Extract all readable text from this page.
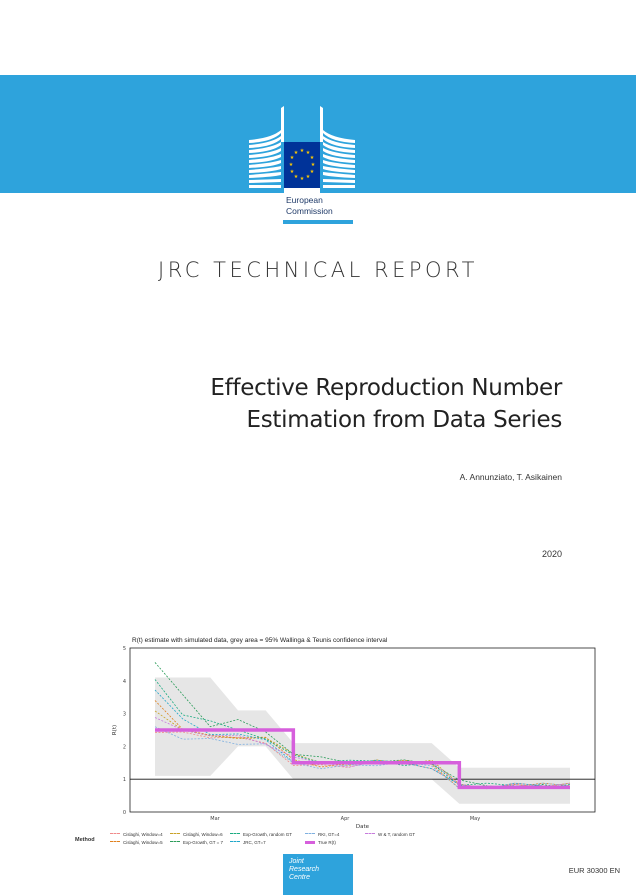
★ ★
★
★
★
★
★
★
★
★
★
★
European
Commission
JRC TECHNICAL REPORT
Effective Reproduction Number
Estimation from Data Series
A. Annunziato, T. Asikainen
2020
0
1
2
3
4
5
Mar	Apr	May
Date
R(t)
R(t) estimate with simulated data, grey area = 95% Wallinga & Teunis confidence interval
Method
Cislaghi, Window=4
Cislaghi, Window=5
Cislaghi, Window=6
Exp-Growth, GT = 7
Exp-Growth, random GT
JRC, GT=7
RKI, GT=4	W & T, random GT
True R(t)
Joint
Research
Centre
EUR 30300 EN
